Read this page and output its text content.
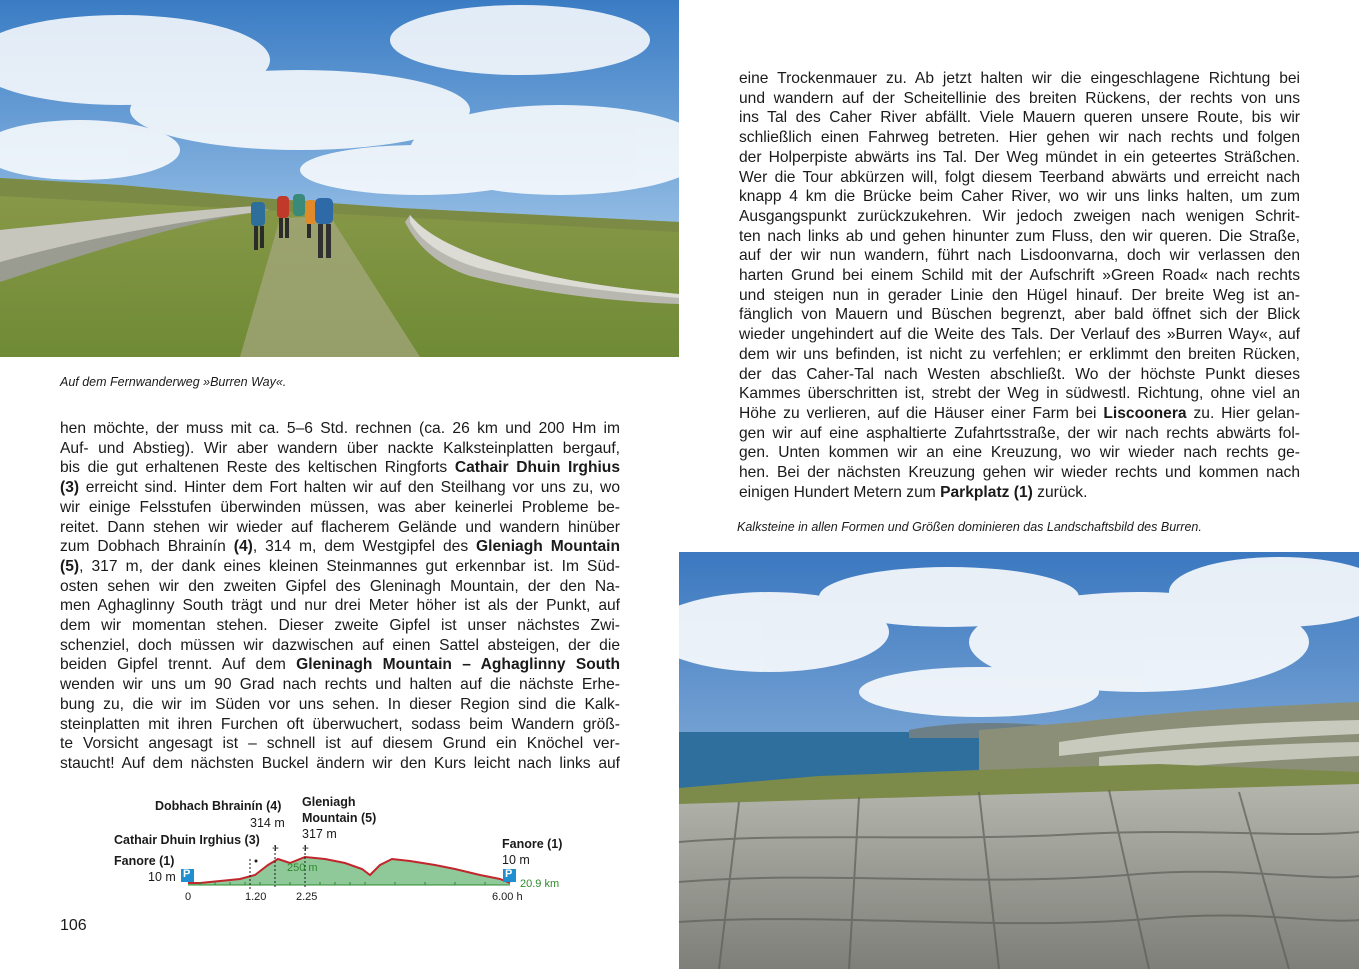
Auf dem Fernwanderweg »Burren Way«.
hen möchte, der muss mit ca. 5–6 Std. rechnen (ca. 26 km und 200 Hm im
Auf- und Abstieg). Wir aber wandern über nackte Kalksteinplatten bergauf,
bis die gut erhaltenen Reste des keltischen Ringforts Cathair Dhuin Irghius
(3) erreicht sind. Hinter dem Fort halten wir auf den Steilhang vor uns zu, wo
wir einige Felsstufen überwinden müssen, was aber keinerlei Probleme be-
reitet. Dann stehen wir wieder auf flacherem Gelände und wandern hinüber
zum Dobhach Bhrainín (4), 314 m, dem Westgipfel des Gleniagh Mountain
(5), 317 m, der dank eines kleinen Steinmannes gut erkennbar ist. Im Süd-
osten sehen wir den zweiten Gipfel des Gleninagh Mountain, der den Na-
men Aghaglinny South trägt und nur drei Meter höher ist als der Punkt, auf
dem wir momentan stehen. Dieser zweite Gipfel ist unser nächstes Zwi-
schenziel, doch müssen wir dazwischen auf einen Sattel absteigen, der die
beiden Gipfel trennt. Auf dem Gleninagh Mountain – Aghaglinny South
wenden wir uns um 90 Grad nach rechts und halten auf die nächste Erhe-
bung zu, die wir im Süden vor uns sehen. In dieser Region sind die Kalk-
steinplatten mit ihren Furchen oft überwuchert, sodass beim Wandern größ-
te Vorsicht angesagt ist – schnell ist auf diesem Grund ein Knöchel ver-
staucht! Auf dem nächsten Buckel ändern wir den Kurs leicht nach links auf
+ +
P	P
Dobhach Bhrainín (4)
314 m
Gleniagh
Mountain (5)
317 m
Cathair Dhuin Irghius (3)
Fanore (1)
10 m
Fanore (1)
10 m
250 m
20.9 km
0	1.20	2.25	6.00 h
106
eine Trockenmauer zu. Ab jetzt halten wir die eingeschlagene Richtung bei
und wandern auf der Scheitellinie des breiten Rückens, der rechts von uns
ins Tal des Caher River abfällt. Viele Mauern queren unsere Route, bis wir
schließlich einen Fahrweg betreten. Hier gehen wir nach rechts und folgen
der Holperpiste abwärts ins Tal. Der Weg mündet in ein geteertes Sträßchen.
Wer die Tour abkürzen will, folgt diesem Teerband abwärts und erreicht nach
knapp 4 km die Brücke beim Caher River, wo wir uns links halten, um zum
Ausgangspunkt zurückzukehren. Wir jedoch zweigen nach wenigen Schrit-
ten nach links ab und gehen hinunter zum Fluss, den wir queren. Die Straße,
auf der wir nun wandern, führt nach Lisdoonvarna, doch wir verlassen den
harten Grund bei einem Schild mit der Aufschrift »Green Road« nach rechts
und steigen nun in gerader Linie den Hügel hinauf. Der breite Weg ist an-
fänglich von Mauern und Büschen begrenzt, aber bald öffnet sich der Blick
wieder ungehindert auf die Weite des Tals. Der Verlauf des »Burren Way«, auf
dem wir uns befinden, ist nicht zu verfehlen; er erklimmt den breiten Rücken,
der das Caher-Tal nach Westen abschließt. Wo der höchste Punkt dieses
Kammes überschritten ist, strebt der Weg in südwestl. Richtung, ohne viel an
Höhe zu verlieren, auf die Häuser einer Farm bei Liscoonera zu. Hier gelan-
gen wir auf eine asphaltierte Zufahrtsstraße, der wir nach rechts abwärts fol-
gen. Unten kommen wir an eine Kreuzung, wo wir wieder nach rechts ge-
hen. Bei der nächsten Kreuzung gehen wir wieder rechts und kommen nach
einigen Hundert Metern zum Parkplatz (1) zurück.
Kalksteine in allen Formen und Größen dominieren das Landschaftsbild des Burren.
